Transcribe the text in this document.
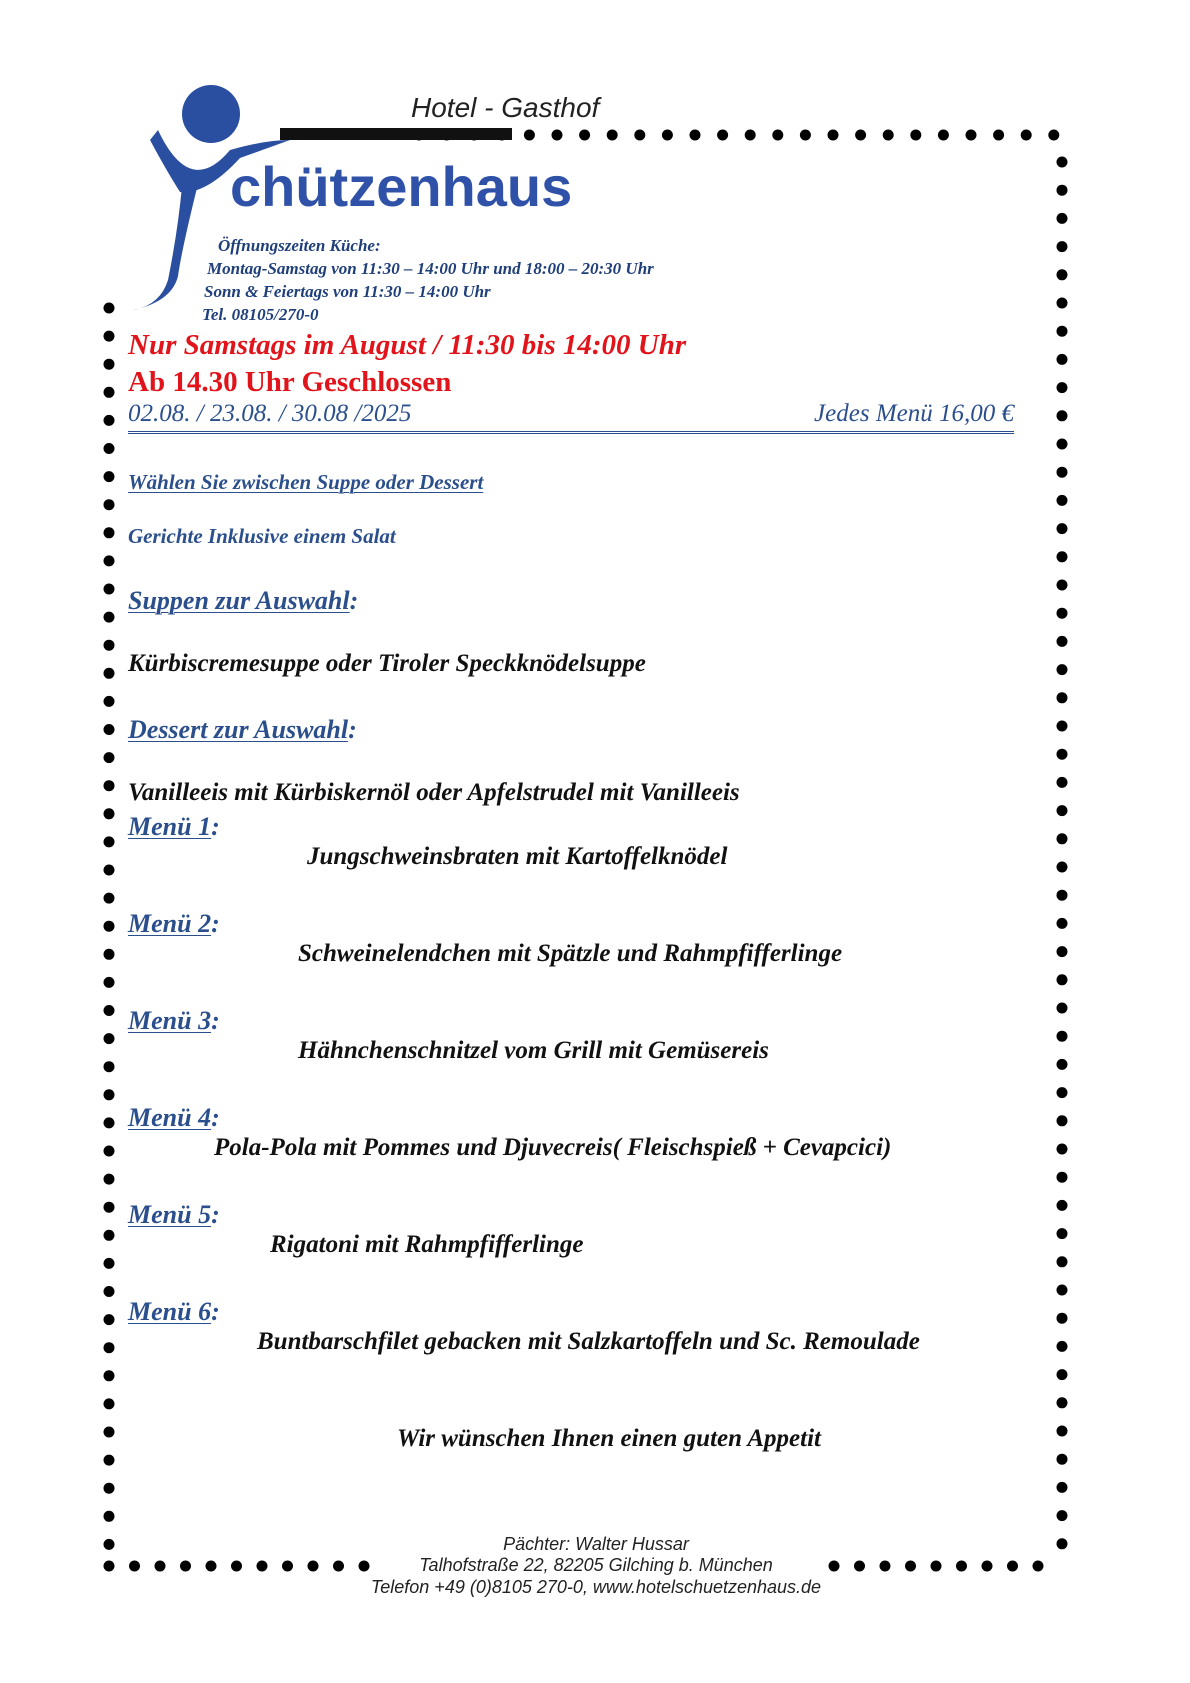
Hotel - Gasthof
chützenhaus
Öffnungszeiten Küche:
Montag-Samstag von 11:30 – 14:00 Uhr und 18:00 – 20:30 Uhr
Sonn & Feiertags von 11:30 – 14:00 Uhr
Tel. 08105/270-0
Nur Samstags im August / 11:30 bis 14:00 Uhr
Ab 14.30 Uhr Geschlossen
02.08. / 23.08. / 30.08 /2025	Jedes Menü 16,00 €
Wählen Sie zwischen Suppe oder Dessert
Gerichte Inklusive einem Salat
Suppen zur Auswahl:
Kürbiscremesuppe oder Tiroler Speckknödelsuppe
Dessert zur Auswahl:
Vanilleeis mit Kürbiskernöl oder Apfelstrudel mit Vanilleeis
Menü 1:
Jungschweinsbraten mit Kartoffelknödel
Menü 2:
Schweinelendchen mit Spätzle und Rahmpfifferlinge
Menü 3:
Hähnchenschnitzel vom Grill mit Gemüsereis
Menü 4:
Pola-Pola mit Pommes und Djuvecreis( Fleischspieß + Cevapcici)
Menü 5:
Rigatoni mit Rahmpfifferlinge
Menü 6:
Buntbarschfilet gebacken mit Salzkartoffeln und Sc. Remoulade
Wir wünschen Ihnen einen guten Appetit
Pächter: Walter Hussar
Talhofstraße 22, 82205 Gilching b. München
Telefon +49 (0)8105 270-0, www.hotelschuetzenhaus.de
